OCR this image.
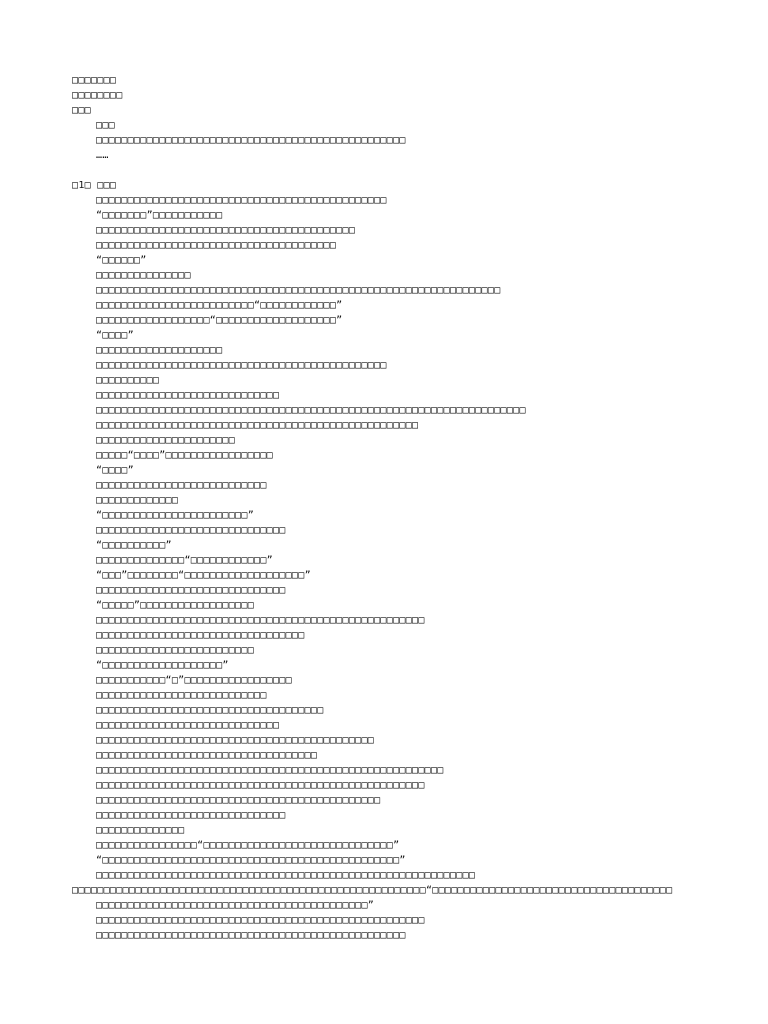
□□□□□□□
□□□□□□□□
□□□
□□□
□□□□□□□□□□□□□□□□□□□□□□□□□□□□□□□□□□□□□□□□□□□□□□□□□
……
□1□ □□□
□□□□□□□□□□□□□□□□□□□□□□□□□□□□□□□□□□□□□□□□□□□□□□
“□□□□□□□”□□□□□□□□□□□
□□□□□□□□□□□□□□□□□□□□□□□□□□□□□□□□□□□□□□□□□
□□□□□□□□□□□□□□□□□□□□□□□□□□□□□□□□□□□□□□
“□□□□□□”
□□□□□□□□□□□□□□□
□□□□□□□□□□□□□□□□□□□□□□□□□□□□□□□□□□□□□□□□□□□□□□□□□□□□□□□□□□□□□□□□
□□□□□□□□□□□□□□□□□□□□□□□□□“□□□□□□□□□□□□”
□□□□□□□□□□□□□□□□□□“□□□□□□□□□□□□□□□□□□□”
“□□□□”
□□□□□□□□□□□□□□□□□□□□
□□□□□□□□□□□□□□□□□□□□□□□□□□□□□□□□□□□□□□□□□□□□□□
□□□□□□□□□□
□□□□□□□□□□□□□□□□□□□□□□□□□□□□□
□□□□□□□□□□□□□□□□□□□□□□□□□□□□□□□□□□□□□□□□□□□□□□□□□□□□□□□□□□□□□□□□□□□□
□□□□□□□□□□□□□□□□□□□□□□□□□□□□□□□□□□□□□□□□□□□□□□□□□□□
□□□□□□□□□□□□□□□□□□□□□□
□□□□□“□□□□”□□□□□□□□□□□□□□□□□
“□□□□”
□□□□□□□□□□□□□□□□□□□□□□□□□□□
□□□□□□□□□□□□□
“□□□□□□□□□□□□□□□□□□□□□□□”
□□□□□□□□□□□□□□□□□□□□□□□□□□□□□□
“□□□□□□□□□□”
□□□□□□□□□□□□□□“□□□□□□□□□□□□”
“□□□”□□□□□□□□“□□□□□□□□□□□□□□□□□□□”
□□□□□□□□□□□□□□□□□□□□□□□□□□□□□□
“□□□□□”□□□□□□□□□□□□□□□□□□
□□□□□□□□□□□□□□□□□□□□□□□□□□□□□□□□□□□□□□□□□□□□□□□□□□□□
□□□□□□□□□□□□□□□□□□□□□□□□□□□□□□□□□
□□□□□□□□□□□□□□□□□□□□□□□□□
“□□□□□□□□□□□□□□□□□□□”
□□□□□□□□□□□“□”□□□□□□□□□□□□□□□□□
□□□□□□□□□□□□□□□□□□□□□□□□□□□
□□□□□□□□□□□□□□□□□□□□□□□□□□□□□□□□□□□□
□□□□□□□□□□□□□□□□□□□□□□□□□□□□□
□□□□□□□□□□□□□□□□□□□□□□□□□□□□□□□□□□□□□□□□□□□□
□□□□□□□□□□□□□□□□□□□□□□□□□□□□□□□□□□□
□□□□□□□□□□□□□□□□□□□□□□□□□□□□□□□□□□□□□□□□□□□□□□□□□□□□□□□
□□□□□□□□□□□□□□□□□□□□□□□□□□□□□□□□□□□□□□□□□□□□□□□□□□□□
□□□□□□□□□□□□□□□□□□□□□□□□□□□□□□□□□□□□□□□□□□□□□
□□□□□□□□□□□□□□□□□□□□□□□□□□□□□□
□□□□□□□□□□□□□□
□□□□□□□□□□□□□□□□“□□□□□□□□□□□□□□□□□□□□□□□□□□□□□□”
“□□□□□□□□□□□□□□□□□□□□□□□□□□□□□□□□□□□□□□□□□□□□□□□”
□□□□□□□□□□□□□□□□□□□□□□□□□□□□□□□□□□□□□□□□□□□□□□□□□□□□□□□□□□□□
□□□□□□□□□□□□□□□□□□□□□□□□□□□□□□□□□□□□□□□□□□□□□□□□□□□□□□□□“□□□□□□□□□□□□□□□□□□□□□□□□□□□□□□□□□□□□□□
□□□□□□□□□□□□□□□□□□□□□□□□□□□□□□□□□□□□□□□□□□□”
□□□□□□□□□□□□□□□□□□□□□□□□□□□□□□□□□□□□□□□□□□□□□□□□□□□□
□□□□□□□□□□□□□□□□□□□□□□□□□□□□□□□□□□□□□□□□□□□□□□□□□
